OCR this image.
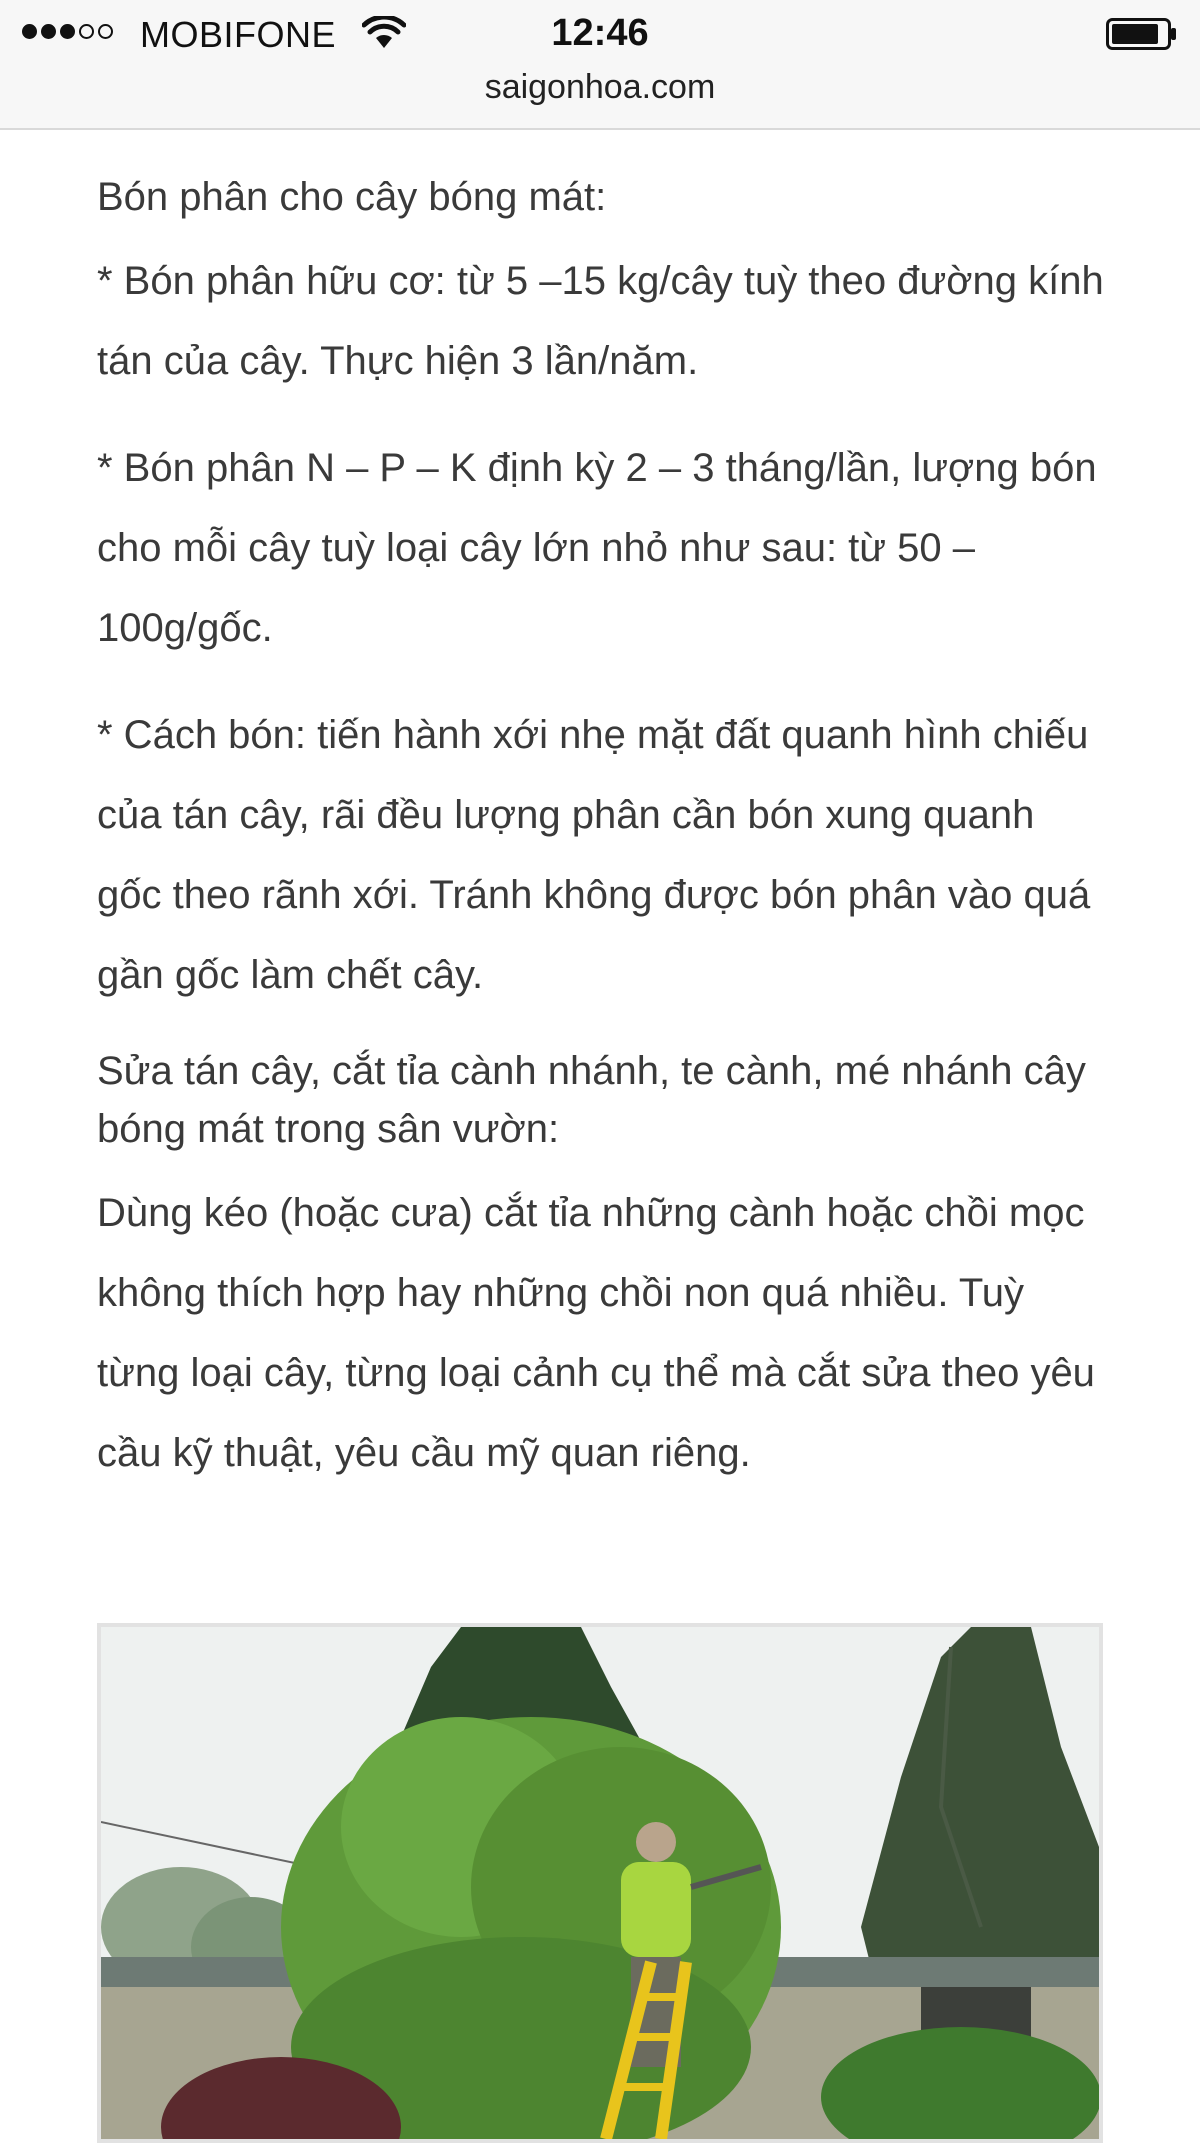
MOBIFONE	12:46
saigonhoa.com

Bón phân cho cây bóng mát:

* Bón phân hữu cơ: từ 5 –15 kg/cây tuỳ theo đường kính tán của cây. Thực hiện 3 lần/năm.

* Bón phân N – P – K định kỳ 2 – 3 tháng/lần, lượng bón cho mỗi cây tuỳ loại cây lớn nhỏ như sau: từ 50 – 100g/gốc.

* Cách bón: tiến hành xới nhẹ mặt đất quanh hình chiếu của tán cây, rãi đều lượng phân cần bón xung quanh gốc theo rãnh xới. Tránh không được bón phân vào quá gần gốc làm chết cây.

Sửa tán cây, cắt tỉa cành nhánh, te cành, mé nhánh cây bóng mát trong sân vườn:

Dùng kéo (hoặc cưa) cắt tỉa những cành hoặc chồi mọc không thích hợp hay những chồi non quá nhiều. Tuỳ từng loại cây, từng loại cảnh cụ thể mà cắt sửa theo yêu cầu kỹ thuật, yêu cầu mỹ quan riêng.
